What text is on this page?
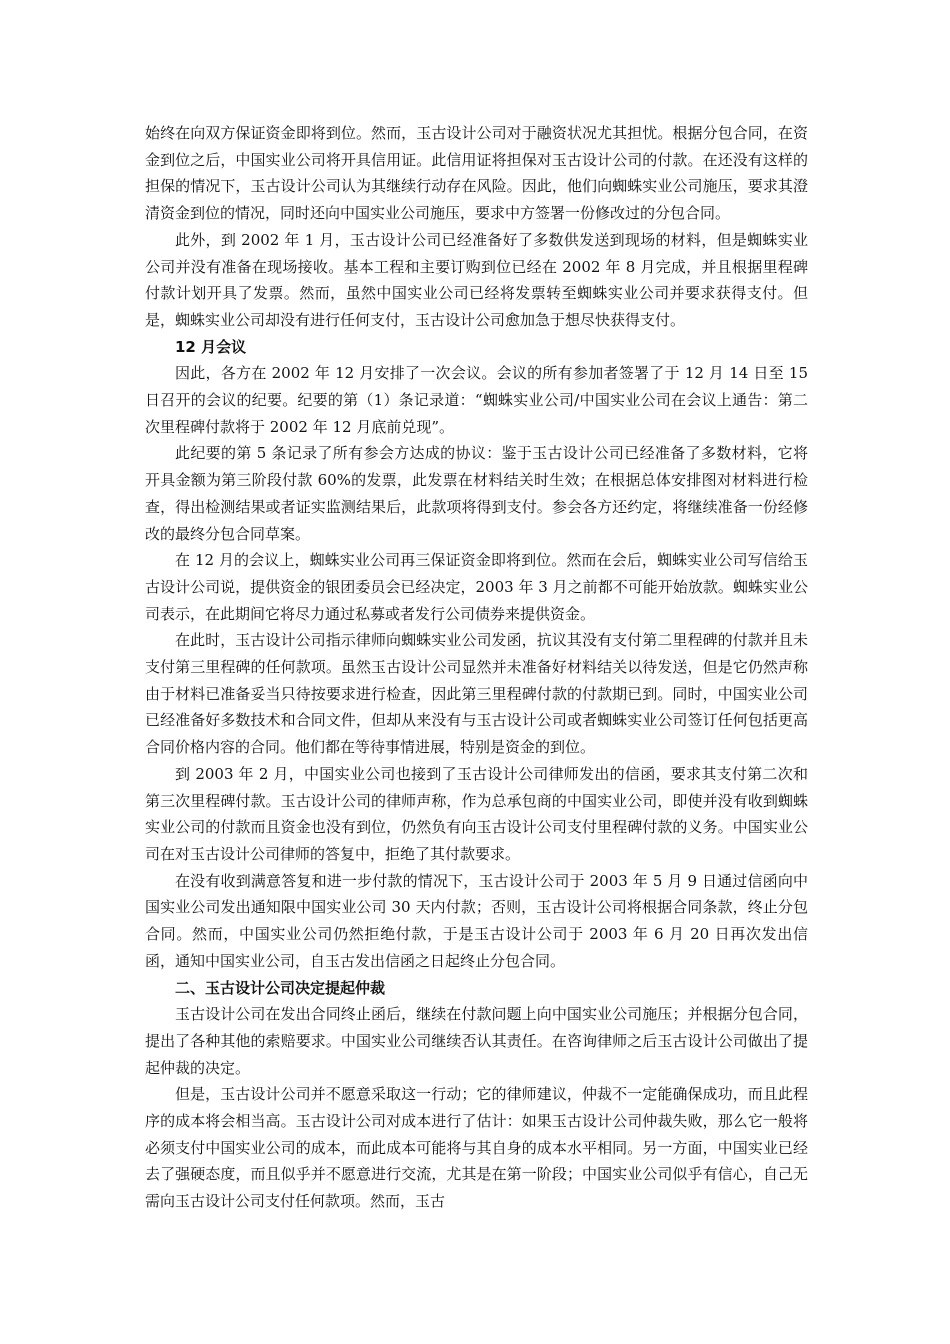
始终在向双方保证资金即将到位。然而，玉古设计公司对于融资状况尤其担忧。根据分包合同，在资金到位之后，中国实业公司将开具信用证。此信用证将担保对玉古设计公司的付款。在还没有这样的担保的情况下，玉古设计公司认为其继续行动存在风险。因此，他们向蜘蛛实业公司施压，要求其澄清资金到位的情况，同时还向中国实业公司施压，要求中方签署一份修改过的分包合同。

此外，到 2002 年 1 月，玉古设计公司已经准备好了多数供发送到现场的材料，但是蜘蛛实业公司并没有准备在现场接收。基本工程和主要订购到位已经在 2002 年 8 月完成，并且根据里程碑付款计划开具了发票。然而，虽然中国实业公司已经将发票转至蜘蛛实业公司并要求获得支付。但是，蜘蛛实业公司却没有进行任何支付，玉古设计公司愈加急于想尽快获得支付。

12 月会议

因此，各方在 2002 年 12 月安排了一次会议。会议的所有参加者签署了于 12 月 14 日至 15 日召开的会议的纪要。纪要的第（1）条记录道：“蜘蛛实业公司/中国实业公司在会议上通告：第二次里程碑付款将于 2002 年 12 月底前兑现”。

此纪要的第 5 条记录了所有参会方达成的协议：鉴于玉古设计公司已经准备了多数材料，它将开具金额为第三阶段付款 60%的发票，此发票在材料结关时生效；在根据总体安排图对材料进行检查，得出检测结果或者证实监测结果后，此款项将得到支付。参会各方还约定，将继续准备一份经修改的最终分包合同草案。

在 12 月的会议上，蜘蛛实业公司再三保证资金即将到位。然而在会后，蜘蛛实业公司写信给玉古设计公司说，提供资金的银团委员会已经决定，2003 年 3 月之前都不可能开始放款。蜘蛛实业公司表示，在此期间它将尽力通过私募或者发行公司债券来提供资金。

在此时，玉古设计公司指示律师向蜘蛛实业公司发函，抗议其没有支付第二里程碑的付款并且未支付第三里程碑的任何款项。虽然玉古设计公司显然并未准备好材料结关以待发送，但是它仍然声称由于材料已准备妥当只待按要求进行检查，因此第三里程碑付款的付款期已到。同时，中国实业公司已经准备好多数技术和合同文件，但却从来没有与玉古设计公司或者蜘蛛实业公司签订任何包括更高合同价格内容的合同。他们都在等待事情进展，特别是资金的到位。

到 2003 年 2 月，中国实业公司也接到了玉古设计公司律师发出的信函，要求其支付第二次和第三次里程碑付款。玉古设计公司的律师声称，作为总承包商的中国实业公司，即使并没有收到蜘蛛实业公司的付款而且资金也没有到位，仍然负有向玉古设计公司支付里程碑付款的义务。中国实业公司在对玉古设计公司律师的答复中，拒绝了其付款要求。

在没有收到满意答复和进一步付款的情况下，玉古设计公司于 2003 年 5 月 9 日通过信函向中国实业公司发出通知限中国实业公司 30 天内付款；否则，玉古设计公司将根据合同条款，终止分包合同。然而，中国实业公司仍然拒绝付款，于是玉古设计公司于 2003 年 6 月 20 日再次发出信函，通知中国实业公司，自玉古发出信函之日起终止分包合同。

二、玉古设计公司决定提起仲裁

玉古设计公司在发出合同终止函后，继续在付款问题上向中国实业公司施压；并根据分包合同，提出了各种其他的索赔要求。中国实业公司继续否认其责任。在咨询律师之后玉古设计公司做出了提起仲裁的决定。

但是，玉古设计公司并不愿意采取这一行动；它的律师建议，仲裁不一定能确保成功，而且此程序的成本将会相当高。玉古设计公司对成本进行了估计：如果玉古设计公司仲裁失败，那么它一般将必须支付中国实业公司的成本，而此成本可能将与其自身的成本水平相同。另一方面，中国实业已经去了强硬态度，而且似乎并不愿意进行交流，尤其是在第一阶段；中国实业公司似乎有信心，自己无需向玉古设计公司支付任何款项。然而，玉古
